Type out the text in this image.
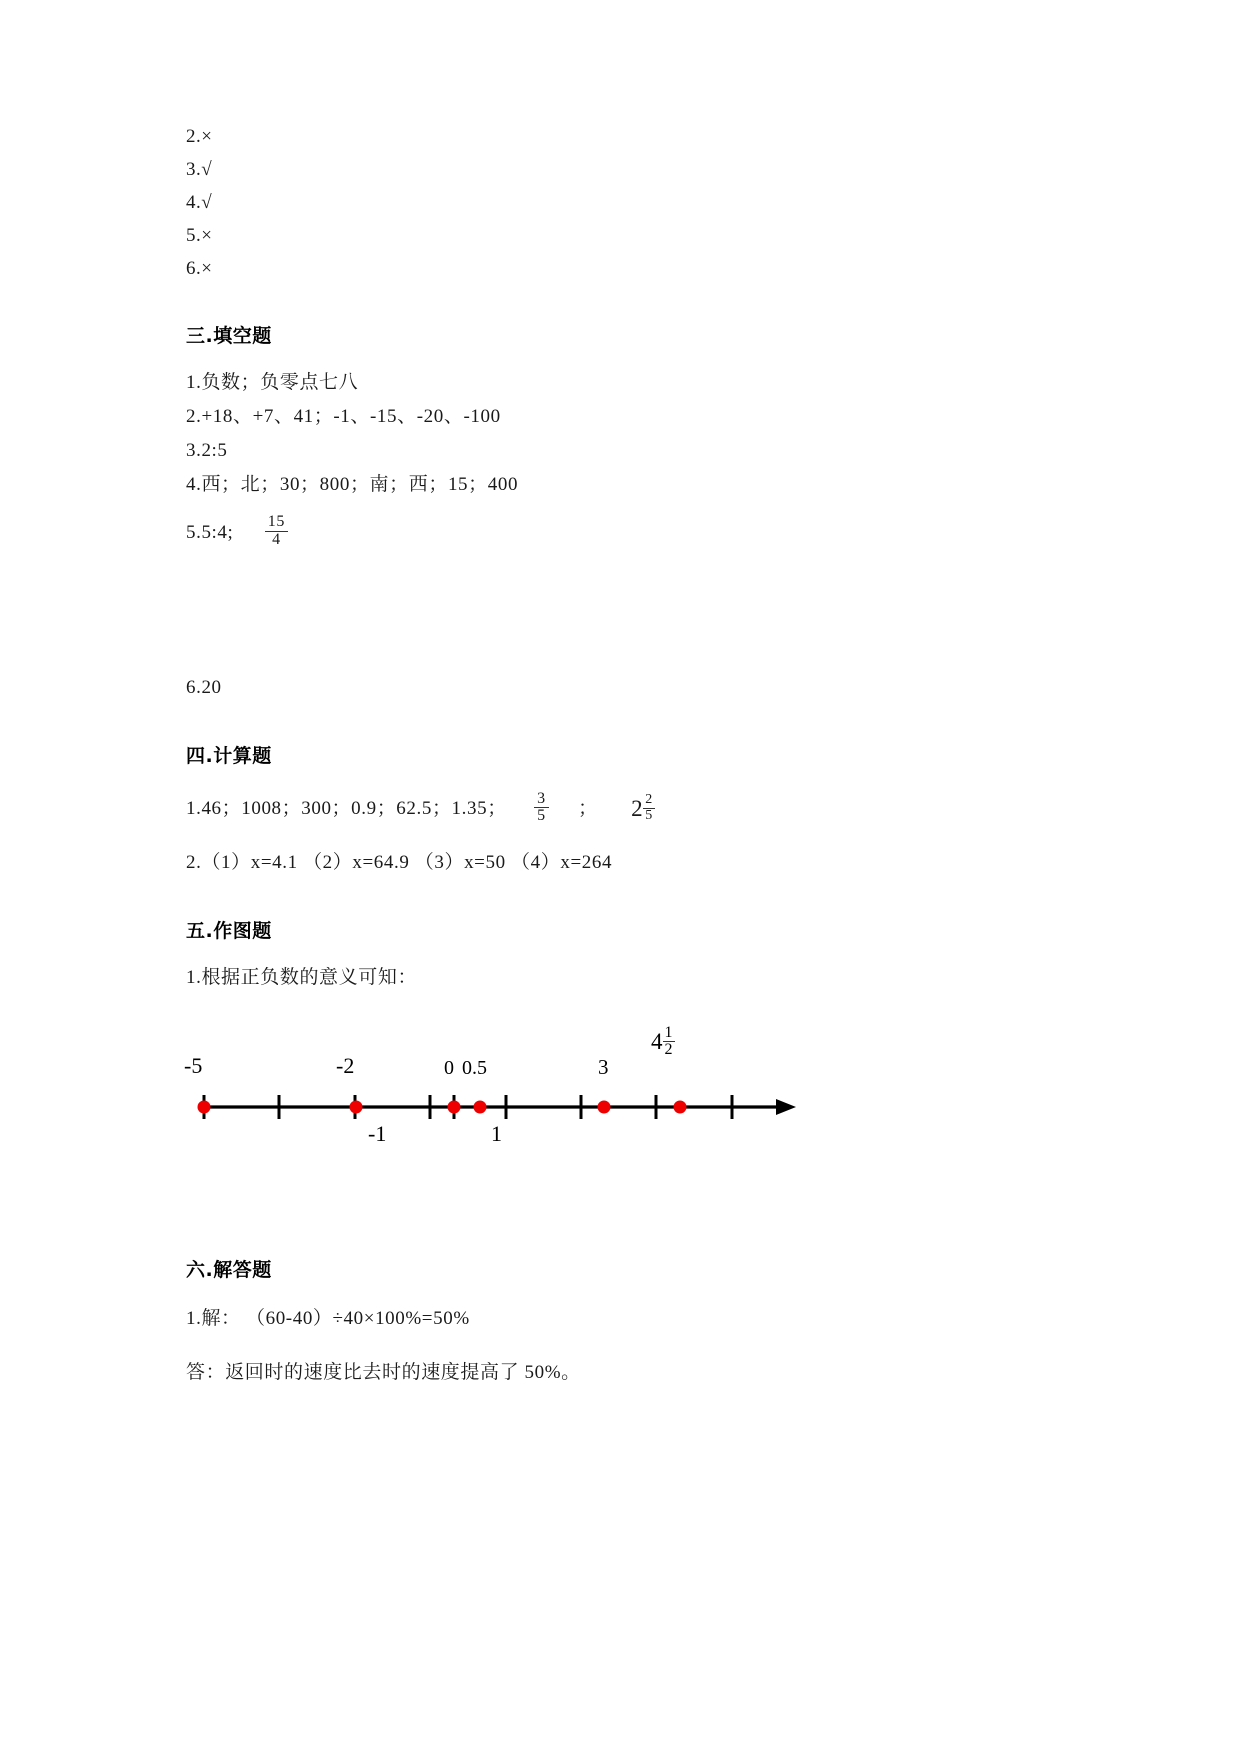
2.×
3.√
4.√
5.×
6.×
三.填空题
1.负数；负零点七八
2.+18、+7、41；-1、-15、-20、-100
3.2:5
4.西；北；30；800；南；西；15；400
5.5:4; $\frac{15}{4}$
6.20
四.计算题
1.46；1008；300；0.9；62.5；1.35； $\frac{3}{5}$ ； $2 \frac{2}{5}$
2.（1）x=4.1 （2）x=64.9 （3）x=50 （4）x=264
五.作图题
1.根据正负数的意义可知：
-5	-2	0 0.5	3
$4 \frac{1}{2}$
-1	1
六.解答题
1.解： （60-40）÷40×100%=50%
答：返回时的速度比去时的速度提高了 50%。
